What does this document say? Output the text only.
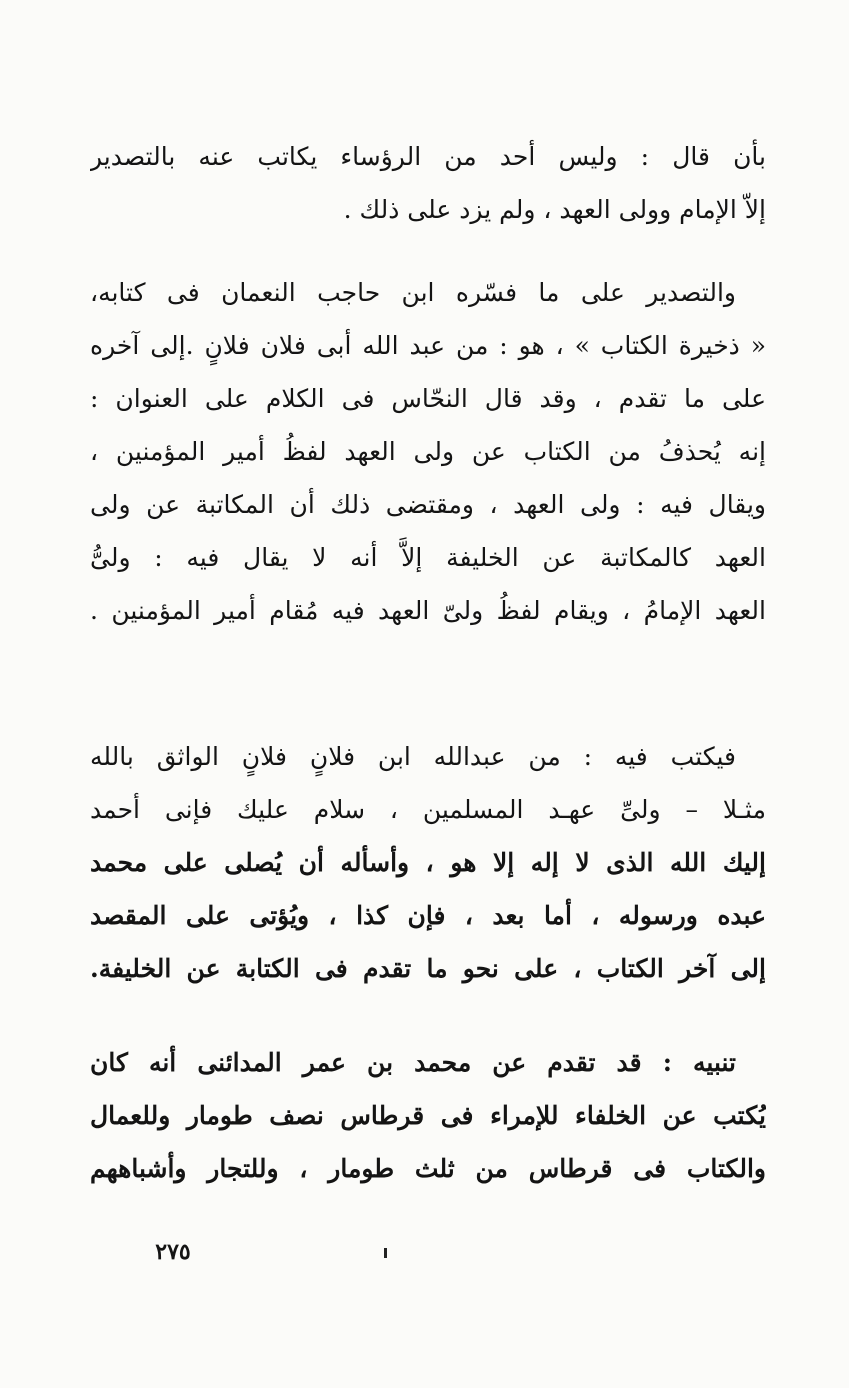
بأن قال : وليس أحد من الرؤساء يكاتب عنه بالتصدير
إلاّ الإمام وولى العهد ، ولم يزد على ذلك .
والتصدير على ما فسّره ابن حاجب النعمان فى كتابه،
« ذخيرة الكتاب » ، هو : من عبد الله أبى فلان فلانٍ .إلى آخره
على ما تقدم ، وقد قال النحّاس فى الكلام على العنوان :
إنه يُحذفُ من الكتاب عن ولى العهد لفظُ أمير المؤمنين ،
ويقال فيه : ولى العهد ، ومقتضى ذلك أن المكاتبة عن ولى
العهد كالمكاتبة عن الخليفة إلاَّ أنه لا يقال فيه : ولىُّ
العهد الإمامُ ، ويقام لفظُ ولىّ العهد فيه مُقام أمير المؤمنين .
فيكتب فيه : من عبدالله ابن فلانٍ فلانٍ الواثق بالله
مثـلا – ولىِّ عهـد المسلمين ، سلام عليك فإنى أحمد
إليك الله الذى لا إله إلا هو ، وأسأله أن يُصلى على محمد
عبده ورسوله ، أما بعد ، فإن كذا ، ويُؤتى على المقصد
إلى آخر الكتاب ، على نحو ما تقدم فى الكتابة عن الخليفة.
تنبيه : قد تقدم عن محمد بن عمر المدائنى أنه كان
يُكتب عن الخلفاء للإمراء فى قرطاس نصف طومار وللعمال
والكتاب فى قرطاس من ثلث طومار ، وللتجار وأشباههم
٢٧٥
